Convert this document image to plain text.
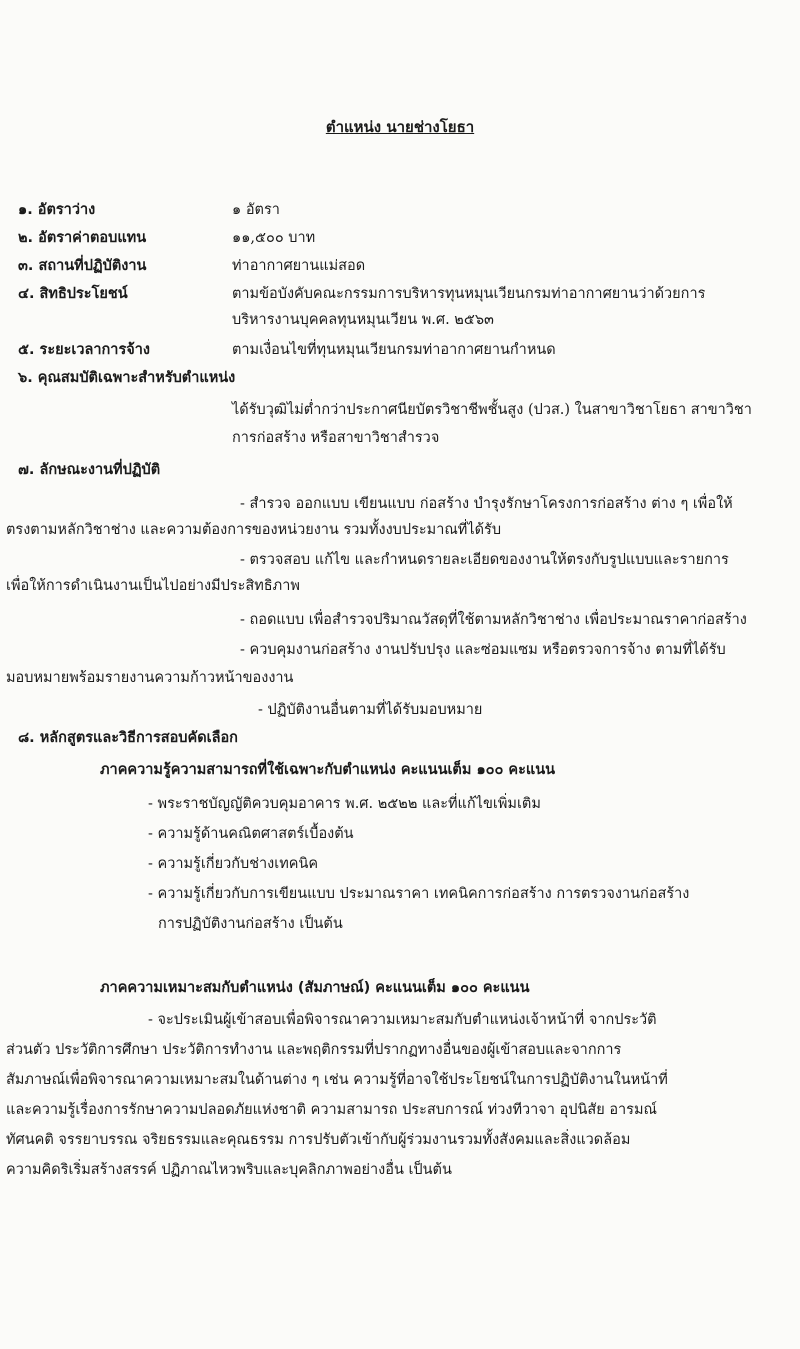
ตำแหน่ง นายช่างโยธา
๑. อัตราว่าง	๑ อัตรา
๒. อัตราค่าตอบแทน	๑๑,๕๐๐ บาท
๓. สถานที่ปฏิบัติงาน	ท่าอากาศยานแม่สอด
๔. สิทธิประโยชน์	ตามข้อบังคับคณะกรรมการบริหารทุนหมุนเวียนกรมท่าอากาศยานว่าด้วยการ
บริหารงานบุคคลทุนหมุนเวียน พ.ศ. ๒๕๖๓
๕. ระยะเวลาการจ้าง	ตามเงื่อนไขที่ทุนหมุนเวียนกรมท่าอากาศยานกำหนด
๖. คุณสมบัติเฉพาะสำหรับตำแหน่ง
ได้รับวุฒิไม่ต่ำกว่าประกาศนียบัตรวิชาชีพชั้นสูง (ปวส.) ในสาขาวิชาโยธา สาขาวิชา
การก่อสร้าง หรือสาขาวิชาสำรวจ
๗. ลักษณะงานที่ปฏิบัติ
- สำรวจ ออกแบบ เขียนแบบ ก่อสร้าง บำรุงรักษาโครงการก่อสร้าง ต่าง ๆ เพื่อให้
ตรงตามหลักวิชาช่าง และความต้องการของหน่วยงาน รวมทั้งงบประมาณที่ได้รับ
- ตรวจสอบ แก้ไข และกำหนดรายละเอียดของงานให้ตรงกับรูปแบบและรายการ
เพื่อให้การดำเนินงานเป็นไปอย่างมีประสิทธิภาพ
- ถอดแบบ เพื่อสำรวจปริมาณวัสดุที่ใช้ตามหลักวิชาช่าง เพื่อประมาณราคาก่อสร้าง
- ควบคุมงานก่อสร้าง งานปรับปรุง และซ่อมแซม หรือตรวจการจ้าง ตามที่ได้รับ
มอบหมายพร้อมรายงานความก้าวหน้าของงาน
- ปฏิบัติงานอื่นตามที่ได้รับมอบหมาย
๘. หลักสูตรและวิธีการสอบคัดเลือก
ภาคความรู้ความสามารถที่ใช้เฉพาะกับตำแหน่ง คะแนนเต็ม ๑๐๐ คะแนน
- พระราชบัญญัติควบคุมอาคาร พ.ศ. ๒๕๒๒ และที่แก้ไขเพิ่มเติม
- ความรู้ด้านคณิตศาสตร์เบื้องต้น
- ความรู้เกี่ยวกับช่างเทคนิค
- ความรู้เกี่ยวกับการเขียนแบบ ประมาณราคา เทคนิคการก่อสร้าง การตรวจงานก่อสร้าง
การปฏิบัติงานก่อสร้าง เป็นต้น
ภาคความเหมาะสมกับตำแหน่ง (สัมภาษณ์) คะแนนเต็ม ๑๐๐ คะแนน
- จะประเมินผู้เข้าสอบเพื่อพิจารณาความเหมาะสมกับตำแหน่งเจ้าหน้าที่ จากประวัติ
ส่วนตัว ประวัติการศึกษา ประวัติการทำงาน และพฤติกรรมที่ปรากฏทางอื่นของผู้เข้าสอบและจากการ
สัมภาษณ์เพื่อพิจารณาความเหมาะสมในด้านต่าง ๆ เช่น ความรู้ที่อาจใช้ประโยชน์ในการปฏิบัติงานในหน้าที่
และความรู้เรื่องการรักษาความปลอดภัยแห่งชาติ ความสามารถ ประสบการณ์ ท่วงทีวาจา อุปนิสัย อารมณ์
ทัศนคติ จรรยาบรรณ จริยธรรมและคุณธรรม การปรับตัวเข้ากับผู้ร่วมงานรวมทั้งสังคมและสิ่งแวดล้อม
ความคิดริเริ่มสร้างสรรค์ ปฏิภาณไหวพริบและบุคลิกภาพอย่างอื่น เป็นต้น
